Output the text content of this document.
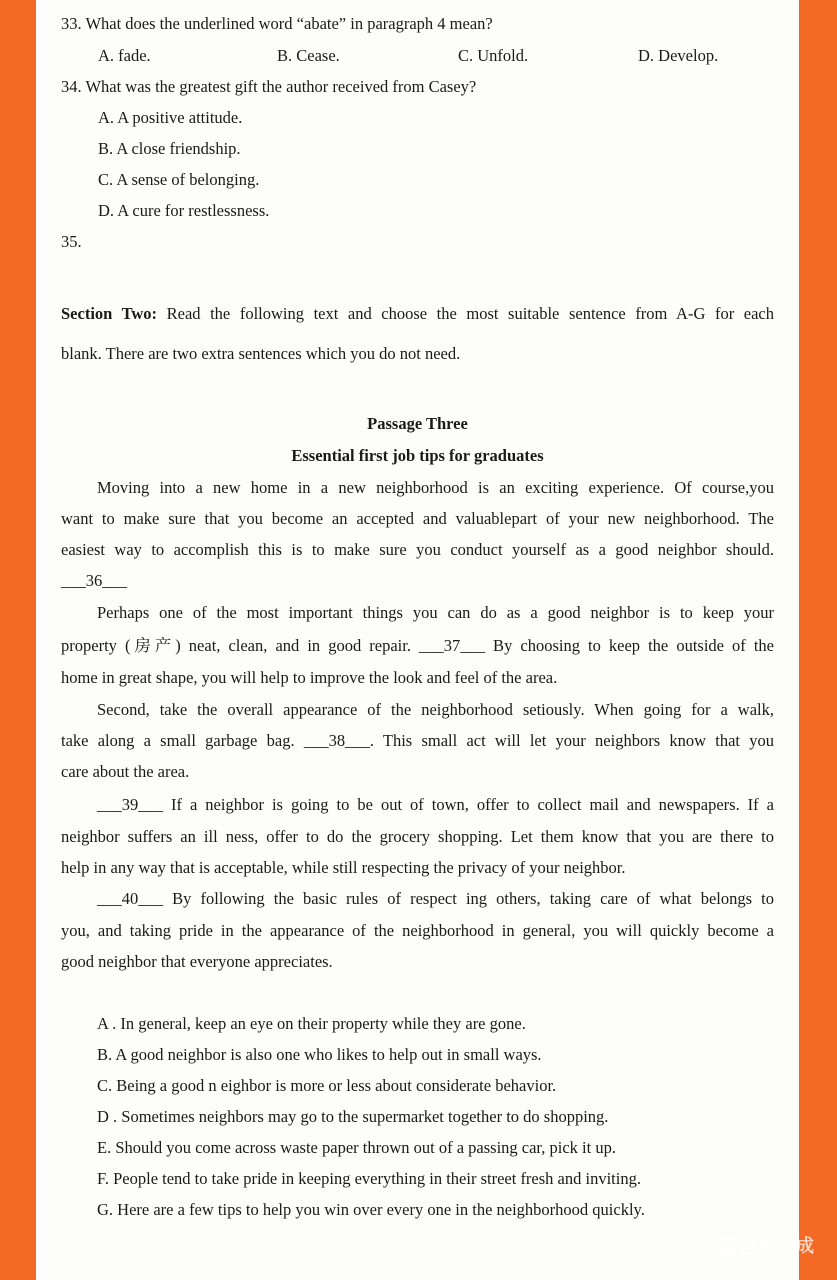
33. What does the underlined word “abate” in paragraph 4 mean?
A. fade.	B. Cease.	C. Unfold.	D. Develop.
34. What was the greatest gift the author received from Casey?
A. A positive attitude.
B. A close friendship.
C. A sense of belonging.
D. A cure for restlessness.
35.
Section Two: Read the following text and choose the most suitable sentence from A-G for each
blank. There are two extra sentences which you do not need.
Passage Three
Essential first job tips for graduates
Moving into a new home in a new neighborhood is an exciting experience. Of course,you
want to make sure that you become an accepted and valuablepart of your new neighborhood. The
easiest way to accomplish this is to make sure you conduct yourself as a good neighbor should.
___36___
Perhaps one of the most important things you can do as a good neighbor is to keep your
property (房产) neat, clean, and in good repair. ___37___ By choosing to keep the outside of the
home in great shape, you will help to improve the look and feel of the area.
Second, take the overall appearance of the neighborhood setiously. When going for a walk,
take along a small garbage bag. ___38___. This small act will let your neighbors know that you
care about the area.
___39___ If a neighbor is going to be out of town, offer to collect mail and newspapers. If a
neighbor suffers an ill ness, offer to do the grocery shopping. Let them know that you are there to
help in any way that is acceptable, while still respecting the privacy of your neighbor.
___40___ By following the basic rules of respect ing others, taking care of what belongs to
you, and taking pride in the appearance of the neighborhood in general, you will quickly become a
good neighbor that everyone appreciates.
A . In general, keep an eye on their property while they are gone.
B. A good neighbor is also one who likes to help out in small ways.
C. Being a good n eighbor is more or less about considerate behavior.
D . Sometimes neighbors may go to the supermarket together to do shopping.
E. Should you come across waste paper thrown out of a passing car, pick it up.
F. People tend to take pride in keeping everything in their street fresh and inviting.
G. Here are a few tips to help you win over every one in the neighborhood quickly.
豆包AI生成
